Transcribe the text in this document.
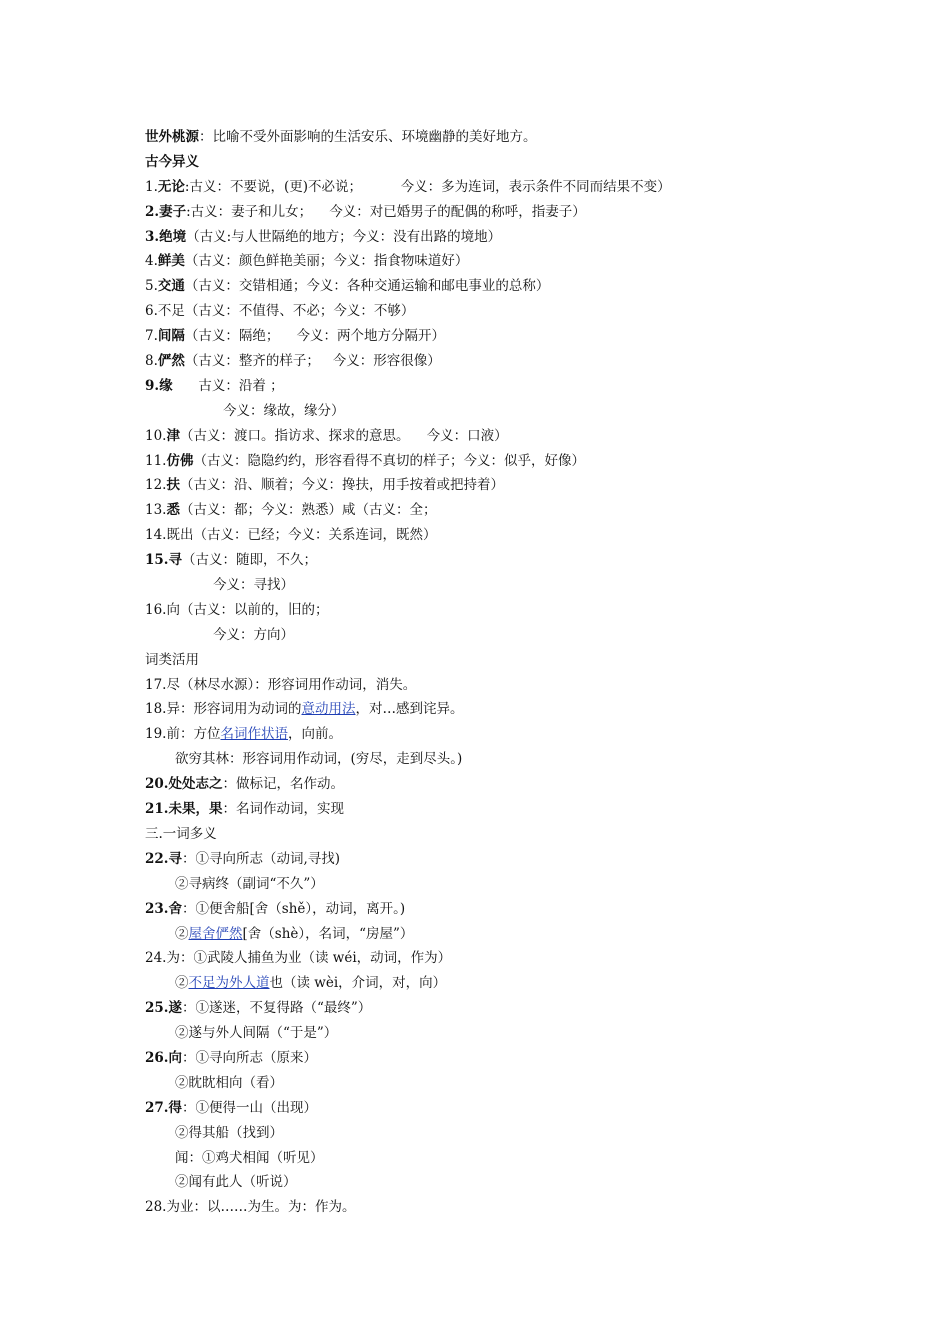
世外桃源：比喻不受外面影响的生活安乐、环境幽静的美好地方。
古今异义
1.无论:古义：不要说，(更)不必说；         今义：多为连词，表示条件不同而结果不变）
2.妻子:古义：妻子和儿女；    今义：对已婚男子的配偶的称呼，指妻子）
3.绝境（古义:与人世隔绝的地方；今义：没有出路的境地）
4.鲜美（古义：颜色鲜艳美丽；今义：指食物味道好）
5.交通（古义：交错相通；今义：各种交通运输和邮电事业的总称）
6.不足（古义：不值得、不必；今义：不够）
7.间隔（古义：隔绝；    今义：两个地方分隔开）
8.俨然（古义：整齐的样子；   今义：形容很像）
9.缘      古义：沿着 ；
今义：缘故，缘分）
10.津（古义：渡口。指访求、探求的意思。    今义：口液）
11.仿佛（古义：隐隐约约，形容看得不真切的样子；今义：似乎，好像）
12.扶（古义：沿、顺着；今义：搀扶，用手按着或把持着）
13.悉（古义：都；今义：熟悉）咸（古义：全；
14.既出（古义：已经；今义：关系连词，既然）
15.寻（古义：随即，不久；
今义：寻找）
16.向（古义：以前的，旧的；
今义：方向）
词类活用
17.尽（林尽水源）：形容词用作动词，消失。
18.异：形容词用为动词的意动用法，对…感到诧异。
19.前：方位名词作状语，向前。
欲穷其林：形容词用作动词，(穷尽，走到尽头。)
20.处处志之：做标记，名作动。
21.未果，果：名词作动词，实现
三.一词多义
22.寻：①寻向所志（动词,寻找)
②寻病终（副词“不久”）
23.舍：①便舍船[舍（shě），动词，离开。)
②屋舍俨然[舍（shè），名词，“房屋”）
24.为：①武陵人捕鱼为业（读 wéi，动词，作为）
②不足为外人道也（读 wèi，介词，对，向）
25.遂：①遂迷，不复得路（“最终”）
②遂与外人间隔（“于是”）
26.向：①寻向所志（原来）
②眈眈相向（看）
27.得：①便得一山（出现）
②得其船（找到）
闻：①鸡犬相闻（听见）
②闻有此人（听说）
28.为业：以……为生。为：作为。
